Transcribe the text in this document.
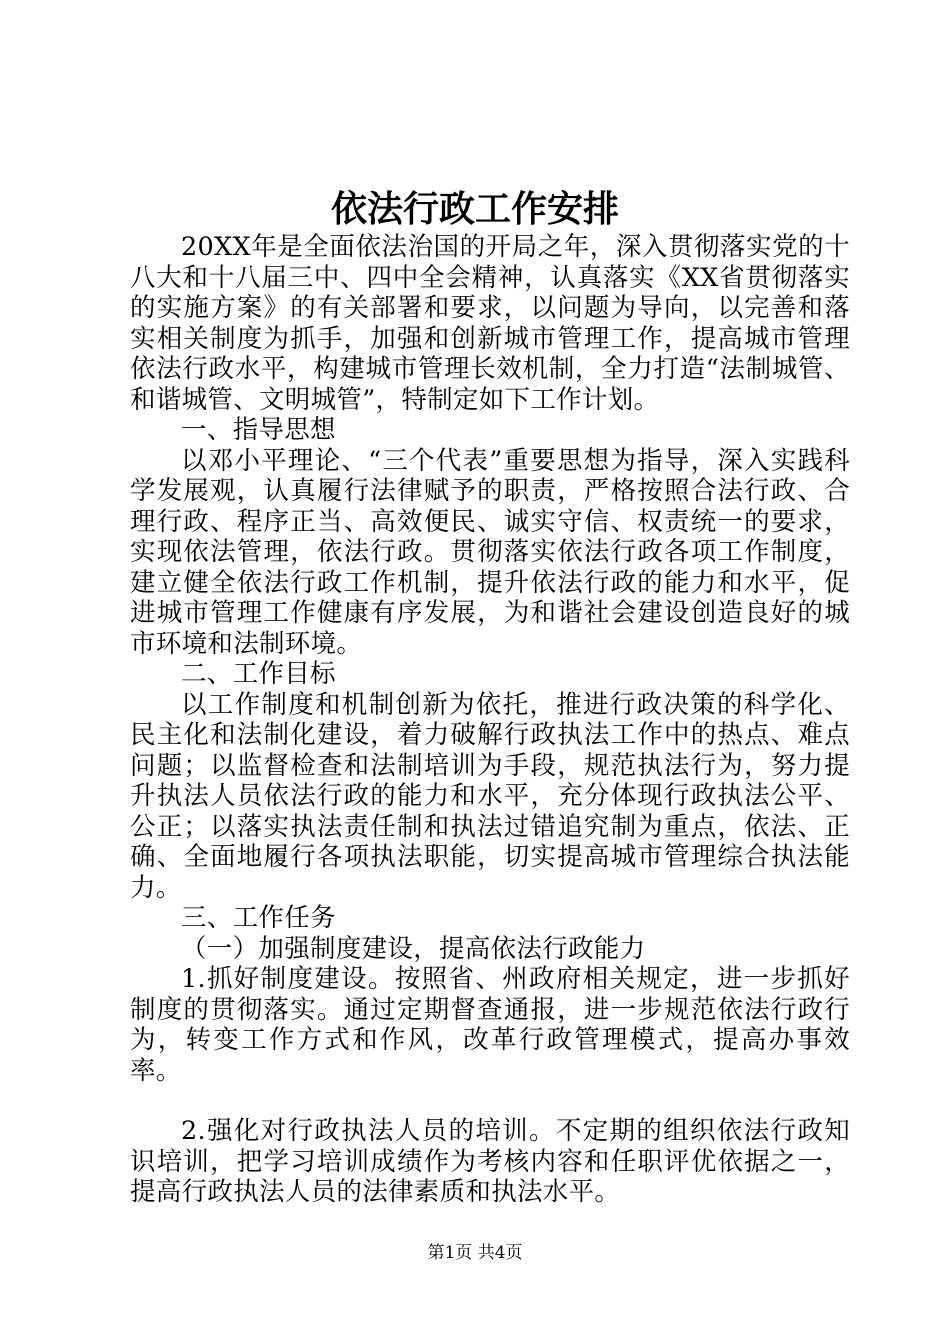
依法行政工作安排

20XX年是全面依法治国的开局之年，深入贯彻落实党的十八大和十八届三中、四中全会精神，认真落实《XX省贯彻落实的实施方案》的有关部署和要求，以问题为导向，以完善和落实相关制度为抓手，加强和创新城市管理工作，提高城市管理依法行政水平，构建城市管理长效机制，全力打造“法制城管、和谐城管、文明城管”，特制定如下工作计划。

一、指导思想

以邓小平理论、“三个代表”重要思想为指导，深入实践科学发展观，认真履行法律赋予的职责，严格按照合法行政、合理行政、程序正当、高效便民、诚实守信、权责统一的要求，实现依法管理，依法行政。贯彻落实依法行政各项工作制度，建立健全依法行政工作机制，提升依法行政的能力和水平，促进城市管理工作健康有序发展，为和谐社会建设创造良好的城市环境和法制环境。

二、工作目标

以工作制度和机制创新为依托，推进行政决策的科学化、民主化和法制化建设，着力破解行政执法工作中的热点、难点问题；以监督检查和法制培训为手段，规范执法行为，努力提升执法人员依法行政的能力和水平，充分体现行政执法公平、公正；以落实执法责任制和执法过错追究制为重点，依法、正确、全面地履行各项执法职能，切实提高城市管理综合执法能力。

三、工作任务

（一）加强制度建设，提高依法行政能力

1.抓好制度建设。按照省、州政府相关规定，进一步抓好制度的贯彻落实。通过定期督查通报，进一步规范依法行政行为，转变工作方式和作风，改革行政管理模式，提高办事效率。

2.强化对行政执法人员的培训。不定期的组织依法行政知识培训，把学习培训成绩作为考核内容和任职评优依据之一，提高行政执法人员的法律素质和执法水平。

第1页 共4页
